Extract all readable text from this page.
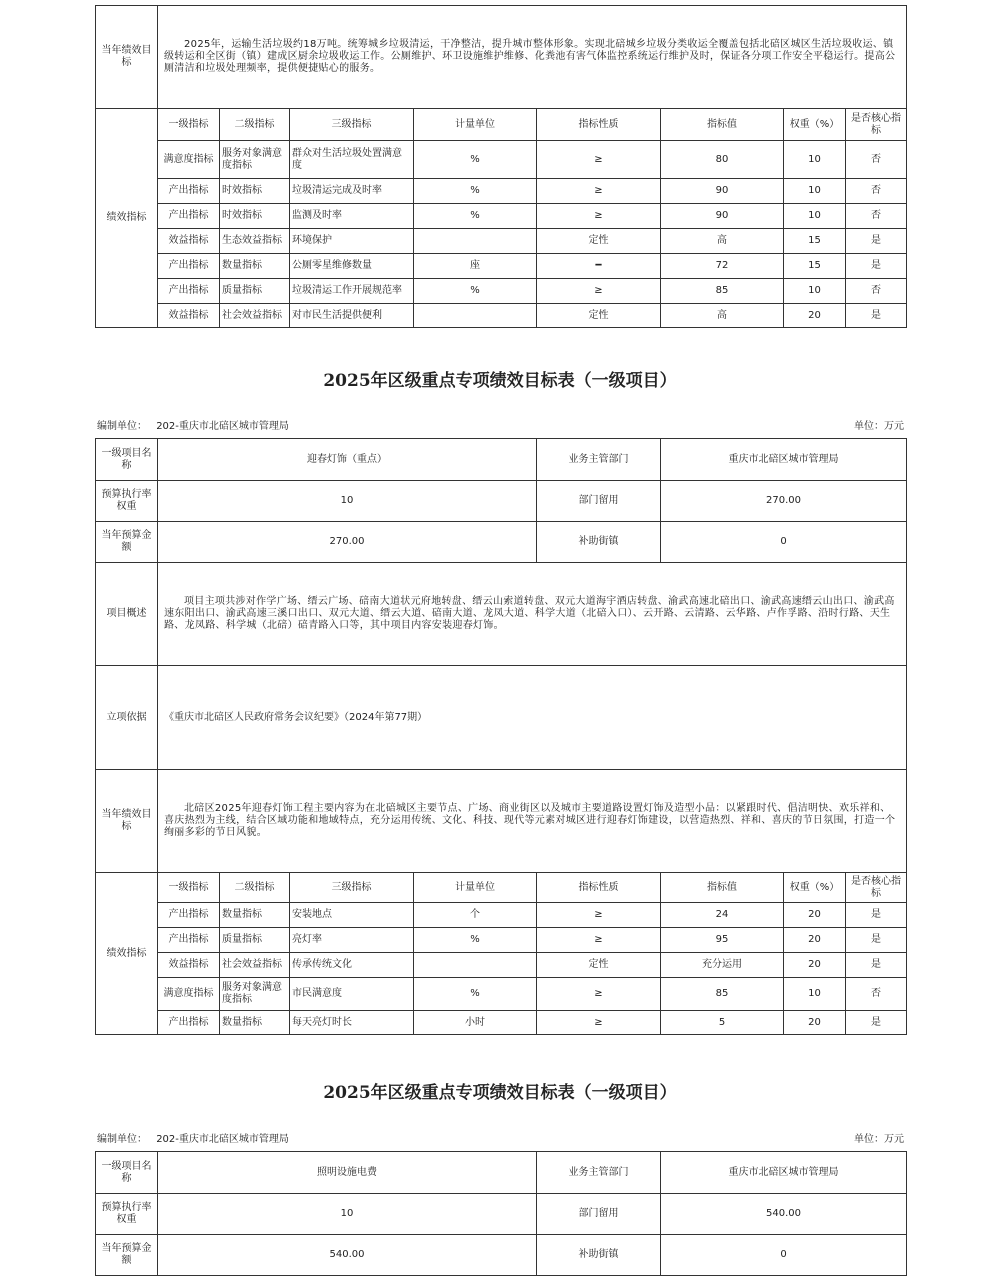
当年绩效目标	2025年，运输生活垃圾约18万吨。统筹城乡垃圾清运，干净整洁，提升城市整体形象。实现北碚城乡垃圾分类收运全覆盖包括北碚区城区生活垃圾收运、镇级转运和全区街（镇）建成区厨余垃圾收运工作。公厕维护、环卫设施维护维修、化粪池有害气体监控系统运行维护及时，保证各分项工作安全平稳运行。提高公厕清洁和垃圾处理频率，提供便捷贴心的服务。							
绩效指标	一级指标	二级指标	三级指标	计量单位	指标性质	指标值	权重（%）	是否核心指标
	满意度指标	服务对象满意度指标	群众对生活垃圾处置满意度	%	≥	80	10	否
	产出指标	时效指标	垃圾清运完成及时率	%	≥	90	10	否
	产出指标	时效指标	监测及时率	%	≥	90	10	否
	效益指标	生态效益指标	环境保护		定性	高	15	是
	产出指标	数量指标	公厕零星维修数量	座	━	72	15	是
	产出指标	质量指标	垃圾清运工作开展规范率	%	≥	85	10	否
	效益指标	社会效益指标	对市民生活提供便利		定性	高	20	是
2025年区级重点专项绩效目标表（一级项目）
编制单位： 202-重庆市北碚区城市管理局	单位：万元
一级项目名称	迎春灯饰（重点）				业务主管部门	重庆市北碚区城市管理局		
预算执行率权重	10				部门留用	270.00		
当年预算金额	270.00				补助街镇	0		
项目概述	项目主项共涉对作学广场、缙云广场、碚南大道状元府地转盘、缙云山索道转盘、双元大道海宇酒店转盘、渝武高速北碚出口、渝武高速缙云山出口、渝武高速东阳出口、渝武高速三溪口出口、双元大道、缙云大道、碚南大道、龙凤大道、科学大道（北碚入口）、云开路、云清路、云华路、卢作孚路、沿时行路、天生路、龙凤路、科学城（北碚）碚青路入口等，其中项目内容安装迎春灯饰。							
立项依据	《重庆市北碚区人民政府常务会议纪要》（2024年第77期）							
当年绩效目标	北碚区2025年迎春灯饰工程主要内容为在北碚城区主要节点、广场、商业街区以及城市主要道路设置灯饰及造型小品：以紧跟时代、倡洁明快、欢乐祥和、喜庆热烈为主线，结合区域功能和地域特点，充分运用传统、文化、科技、现代等元素对城区进行迎春灯饰建设，以营造热烈、祥和、喜庆的节日氛围，打造一个绚丽多彩的节日风貌。							
绩效指标	一级指标	二级指标	三级指标	计量单位	指标性质	指标值	权重（%）	是否核心指标
	产出指标	数量指标	安装地点	个	≥	24	20	是
	产出指标	质量指标	亮灯率	%	≥	95	20	是
	效益指标	社会效益指标	传承传统文化		定性	充分运用	20	是
	满意度指标	服务对象满意度指标	市民满意度	%	≥	85	10	否
	产出指标	数量指标	每天亮灯时长	小时	≥	5	20	是
2025年区级重点专项绩效目标表（一级项目）
编制单位： 202-重庆市北碚区城市管理局	单位：万元
一级项目名称	照明设施电费	业务主管部门	重庆市北碚区城市管理局
预算执行率权重	10	部门留用	540.00
当年预算金额	540.00	补助街镇	0
